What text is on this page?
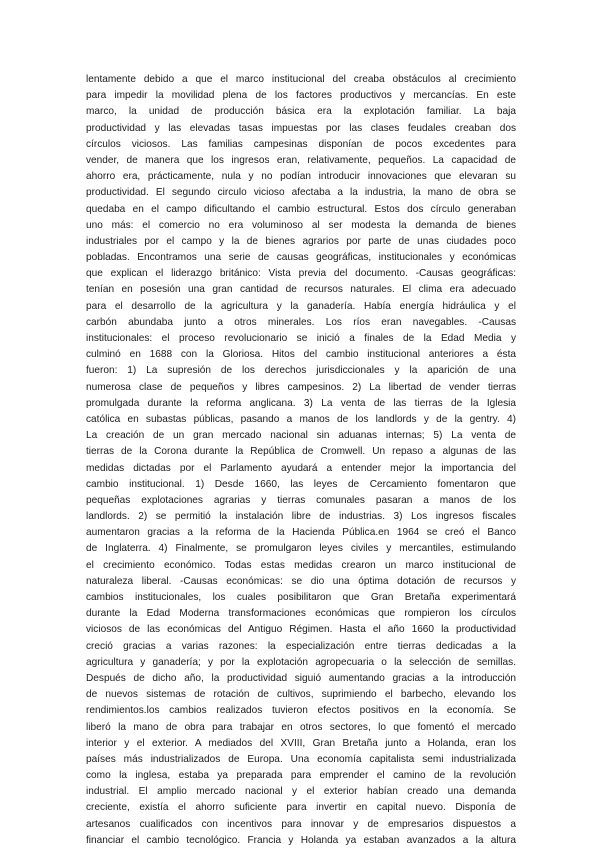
lentamente debido a que el marco institucional del creaba obstáculos al crecimiento
para impedir la movilidad plena de los factores productivos y mercancías. En este
marco, la unidad de producción básica era la explotación familiar. La baja
productividad y las elevadas tasas impuestas por las clases feudales creaban dos
círculos viciosos. Las familias campesinas disponían de pocos excedentes para
vender, de manera que los ingresos eran, relativamente, pequeños. La capacidad de
ahorro era, prácticamente, nula y no podían introducir innovaciones que elevaran su
productividad. El segundo circulo vicioso afectaba a la industria, la mano de obra se
quedaba en el campo dificultando el cambio estructural. Estos dos círculo generaban
uno más: el comercio no era voluminoso al ser modesta la demanda de bienes
industriales por el campo y la de bienes agrarios por parte de unas ciudades poco
pobladas. Encontramos una serie de causas geográficas, institucionales y económicas
que explican el liderazgo británico: Vista previa del documento. -Causas geográficas:
tenían en posesión una gran cantidad de recursos naturales. El clima era adecuado
para el desarrollo de la agricultura y la ganadería. Había energía hidráulica y el
carbón abundaba junto a otros minerales. Los ríos eran navegables. -Causas
institucionales: el proceso revolucionario se inició a finales de la Edad Media y
culminó en 1688 con la Gloriosa. Hitos del cambio institucional anteriores a ésta
fueron: 1) La supresión de los derechos jurisdiccionales y la aparición de una
numerosa clase de pequeños y libres campesinos. 2) La libertad de vender tierras
promulgada durante la reforma anglicana. 3) La venta de las tierras de la Iglesia
católica en subastas públicas, pasando a manos de los landlords y de la gentry. 4)
La creación de un gran mercado nacional sin aduanas internas; 5) La venta de
tierras de la Corona durante la República de Cromwell. Un repaso a algunas de las
medidas dictadas por el Parlamento ayudará a entender mejor la importancia del
cambio institucional. 1) Desde 1660, las leyes de Cercamiento fomentaron que
pequeñas explotaciones agrarias y tierras comunales pasaran a manos de los
landlords. 2) se permitió la instalación libre de industrias. 3) Los ingresos fiscales
aumentaron gracias a la reforma de la Hacienda Pública.en 1964 se creó el Banco
de Inglaterra. 4) Finalmente, se promulgaron leyes civiles y mercantiles, estimulando
el crecimiento económico. Todas estas medidas crearon un marco institucional de
naturaleza liberal. -Causas económicas: se dio una óptima dotación de recursos y
cambios institucionales, los cuales posibilitaron que Gran Bretaña experimentará
durante la Edad Moderna transformaciones económicas que rompieron los círculos
viciosos de las económicas del Antiguo Régimen. Hasta el año 1660 la productividad
creció gracias a varias razones: la especialización entre tierras dedicadas a la
agricultura y ganadería; y por la explotación agropecuaria o la selección de semillas.
Después de dicho año, la productividad siguió aumentando gracias a la introducción
de nuevos sistemas de rotación de cultivos, suprimiendo el barbecho, elevando los
rendimientos.los cambios realizados tuvieron efectos positivos en la economía. Se
liberó la mano de obra para trabajar en otros sectores, lo que fomentó el mercado
interior y el exterior. A mediados del XVIII, Gran Bretaña junto a Holanda, eran los
países más industrializados de Europa. Una economía capitalista semi industrializada
como la inglesa, estaba ya preparada para emprender el camino de la revolución
industrial. El amplio mercado nacional y el exterior habían creado una demanda
creciente, existía el ahorro suficiente para invertir en capital nuevo. Disponía de
artesanos cualificados con incentivos para innovar y de empresarios dispuestos a
financiar el cambio tecnológico. Francia y Holanda ya estaban avanzados a la altura
